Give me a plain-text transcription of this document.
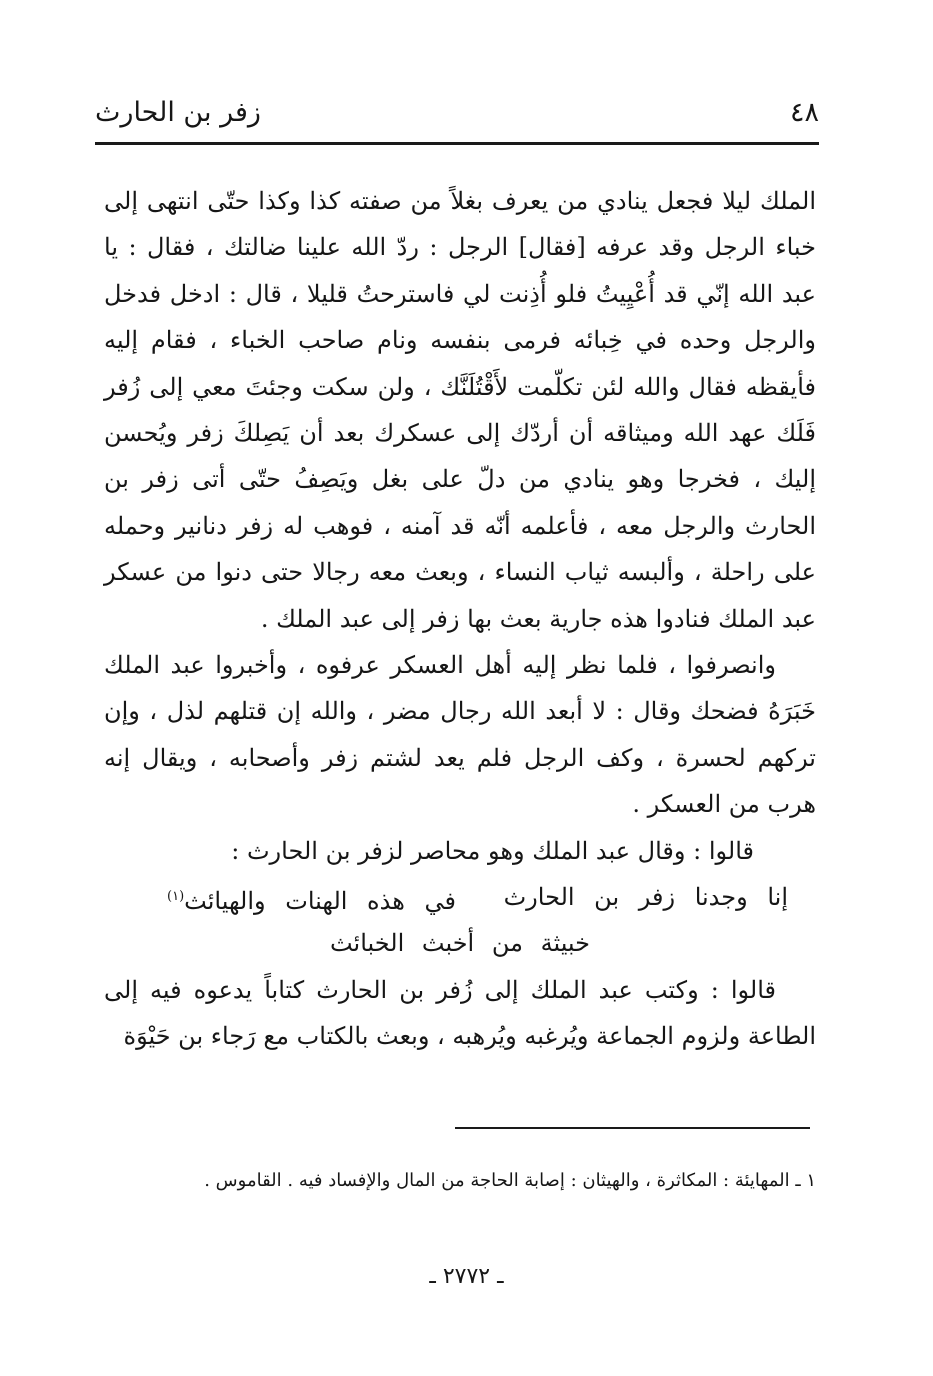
٤٨
زفر بن الحارث

الملك ليلا فجعل ينادي من يعرف بغلاً من صفته كذا وكذا حتّى انتهى إلى خباء الرجل وقد عرفه [فقال] الرجل : ردّ الله علينا ضالتك ، فقال : يا عبد الله إنّي قد أُعْيِيتُ فلو أُذِنت لي فاسترحتُ قليلا ، قال : ادخل فدخل والرجل وحده في خِبائه فرمى بنفسه ونام صاحب الخباء ، فقام إليه فأيقظه فقال والله لئن تكلّمت لأَقْتُلَنَّك ، ولن سكت وجئتَ معي إلى زُفر فَلَك عهد الله وميثاقه أن أردّك إلى عسكرك بعد أن يَصِلكَ زفر ويُحسن إليك ، فخرجا وهو ينادي من دلّ على بغل ويَصِفُ حتّى أتى زفر بن الحارث والرجل معه ، فأعلمه أنّه قد آمنه ، فوهب له زفر دنانير وحمله على راحلة ، وألبسه ثياب النساء ، وبعث معه رجالا حتى دنوا من عسكر عبد الملك فنادوا هذه جارية بعث بها زفر إلى عبد الملك .

وانصرفوا ، فلما نظر إليه أهل العسكر عرفوه ، وأخبروا عبد الملك خَبَرَهُ فضحك وقال : لا أبعد الله رجال مضر ، والله إن قتلهم لذل ، وإن تركهم لحسرة ، وكف الرجل فلم يعد لشتم زفر وأصحابه ، ويقال إنه هرب من العسكر .

قالوا : وقال عبد الملك وهو محاصر لزفر بن الحارث :

إنا وجدنا زفر بن الحارث
في هذه الهنات والهيائث$^{(١)}$

خبيثة من أخبث الخبائث

قالوا : وكتب عبد الملك إلى زُفر بن الحارث كتاباً يدعوه فيه إلى الطاعة ولزوم الجماعة ويُرغبه ويُرهبه ، وبعث بالكتاب مع رَجاء بن حَيْوَة

١ ـ المهايئة : المكاثرة ، والهيثان : إصابة الحاجة من المال والإفساد فيه . القاموس .
ـ ٢٧٧٢ ـ
